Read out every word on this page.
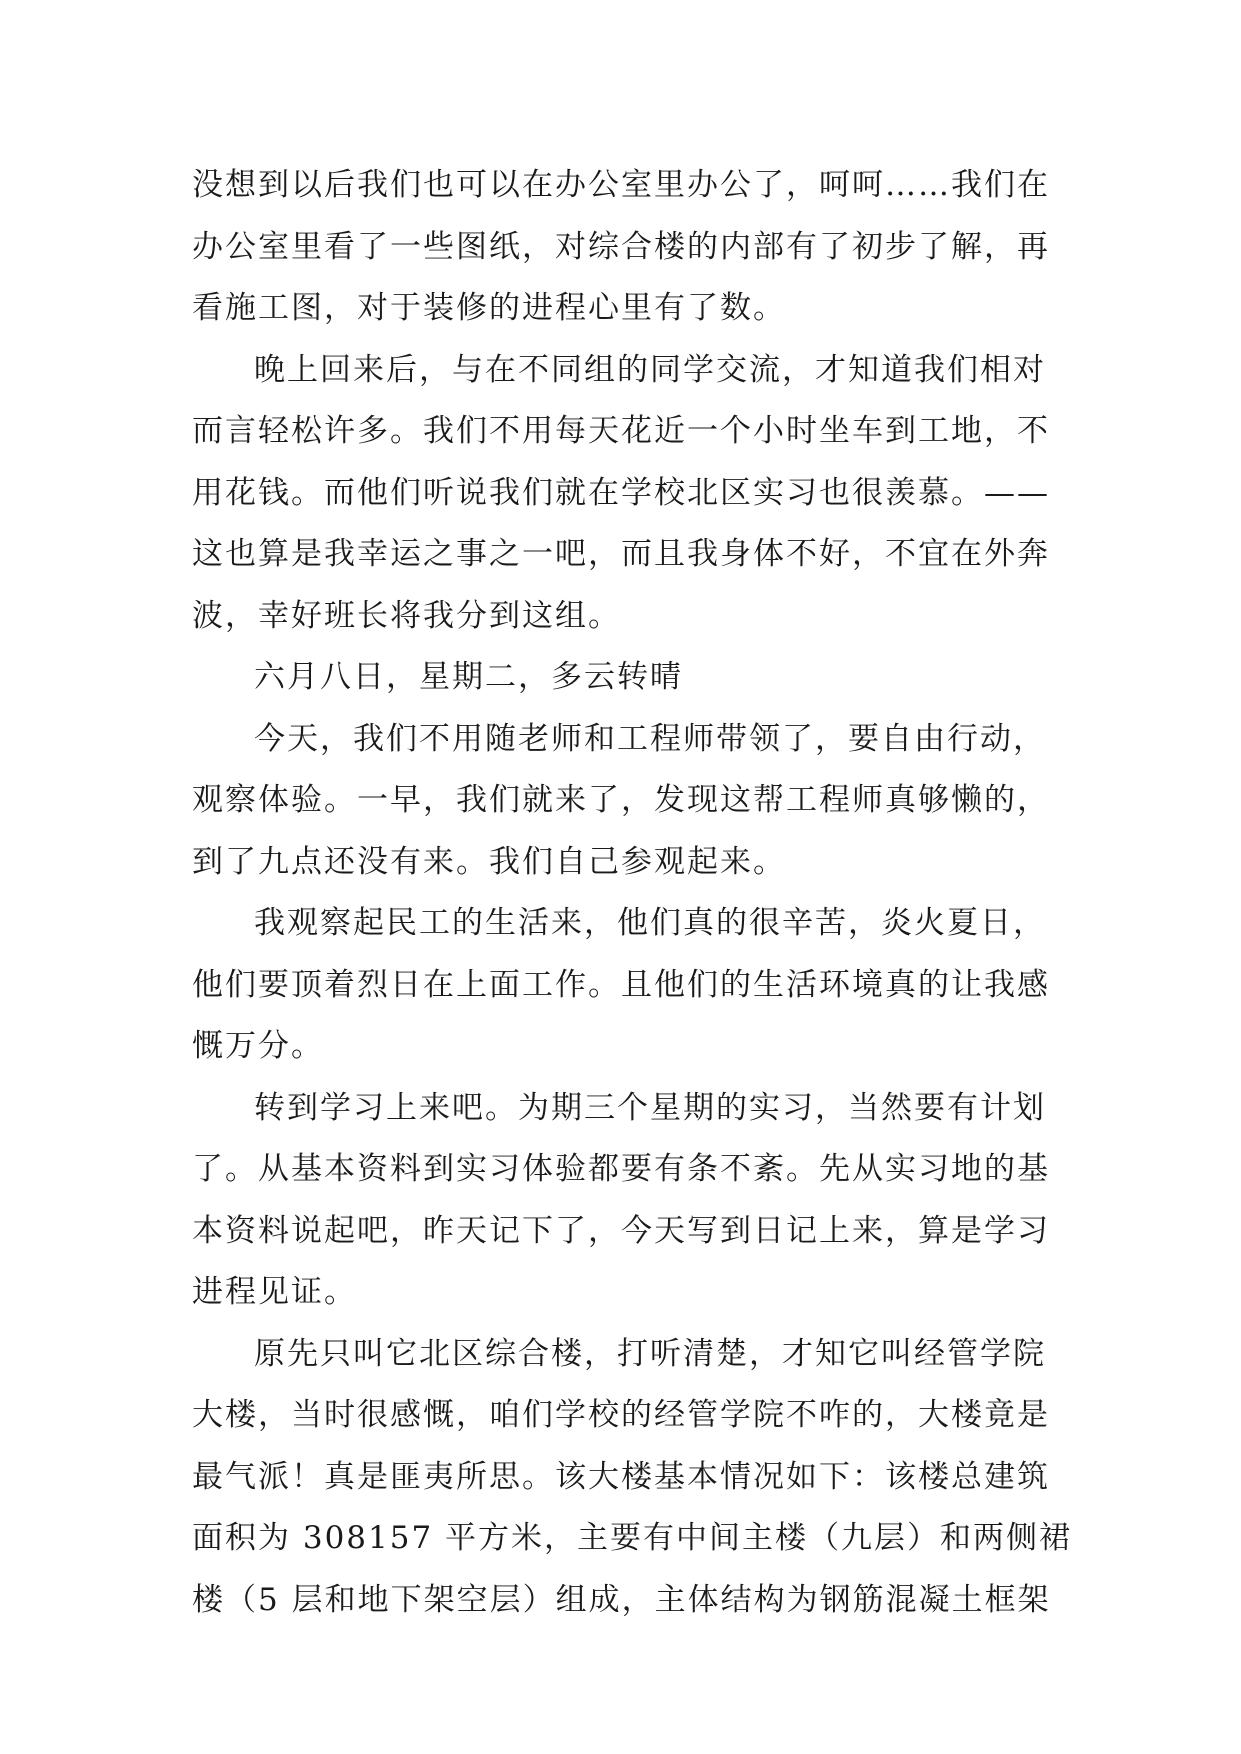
没想到以后我们也可以在办公室里办公了，呵呵……我们在
办公室里看了一些图纸，对综合楼的内部有了初步了解，再
看施工图，对于装修的进程心里有了数。
晚上回来后，与在不同组的同学交流，才知道我们相对
而言轻松许多。我们不用每天花近一个小时坐车到工地，不
用花钱。而他们听说我们就在学校北区实习也很羡慕。——
这也算是我幸运之事之一吧，而且我身体不好，不宜在外奔
波，幸好班长将我分到这组。
六月八日，星期二，多云转晴
今天，我们不用随老师和工程师带领了，要自由行动，
观察体验。一早，我们就来了，发现这帮工程师真够懒的，
到了九点还没有来。我们自己参观起来。
我观察起民工的生活来，他们真的很辛苦，炎火夏日，
他们要顶着烈日在上面工作。且他们的生活环境真的让我感
慨万分。
转到学习上来吧。为期三个星期的实习，当然要有计划
了。从基本资料到实习体验都要有条不紊。先从实习地的基
本资料说起吧，昨天记下了，今天写到日记上来，算是学习
进程见证。
原先只叫它北区综合楼，打听清楚，才知它叫经管学院
大楼，当时很感慨，咱们学校的经管学院不咋的，大楼竟是
最气派！真是匪夷所思。该大楼基本情况如下：该楼总建筑
面积为 308157 平方米，主要有中间主楼（九层）和两侧裙
楼（5 层和地下架空层）组成，主体结构为钢筋混凝土框架
